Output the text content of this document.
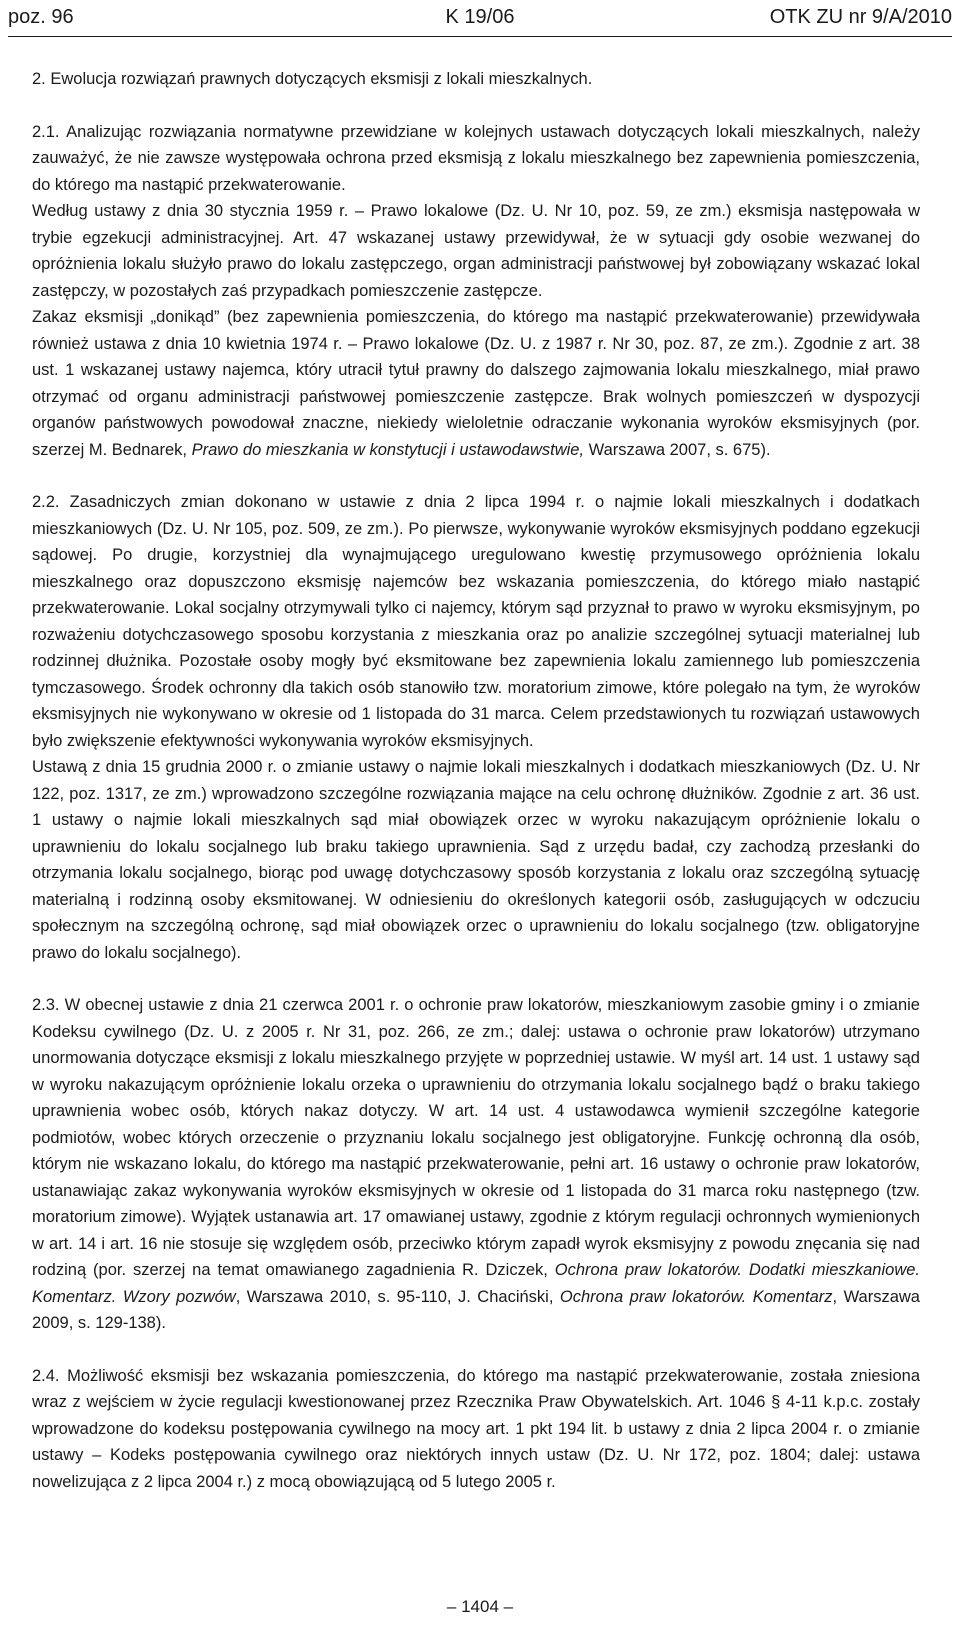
poz. 96	K 19/06	OTK ZU nr 9/A/2010

2. Ewolucja rozwiązań prawnych dotyczących eksmisji z lokali mieszkalnych.

2.1. Analizując rozwiązania normatywne przewidziane w kolejnych ustawach dotyczących lokali mieszkalnych, należy zauważyć, że nie zawsze występowała ochrona przed eksmisją z lokalu mieszkalnego bez zapewnienia pomieszczenia, do którego ma nastąpić przekwaterowanie.

Według ustawy z dnia 30 stycznia 1959 r. – Prawo lokalowe (Dz. U. Nr 10, poz. 59, ze zm.) eksmisja następowała w trybie egzekucji administracyjnej. Art. 47 wskazanej ustawy przewidywał, że w sytuacji gdy osobie wezwanej do opróżnienia lokalu służyło prawo do lokalu zastępczego, organ administracji państwowej był zobowiązany wskazać lokal zastępczy, w pozostałych zaś przypadkach pomieszczenie zastępcze.

Zakaz eksmisji „donikąd” (bez zapewnienia pomieszczenia, do którego ma nastąpić przekwaterowanie) przewidywała również ustawa z dnia 10 kwietnia 1974 r. – Prawo lokalowe (Dz. U. z 1987 r. Nr 30, poz. 87, ze zm.). Zgodnie z art. 38 ust. 1 wskazanej ustawy najemca, który utracił tytuł prawny do dalszego zajmowania lokalu mieszkalnego, miał prawo otrzymać od organu administracji państwowej pomieszczenie zastępcze. Brak wolnych pomieszczeń w dyspozycji organów państwowych powodował znaczne, niekiedy wieloletnie odraczanie wykonania wyroków eksmisyjnych (por. szerzej M. Bednarek, Prawo do mieszkania w konstytucji i ustawodawstwie, Warszawa 2007, s. 675).

2.2. Zasadniczych zmian dokonano w ustawie z dnia 2 lipca 1994 r. o najmie lokali mieszkalnych i dodatkach mieszkaniowych (Dz. U. Nr 105, poz. 509, ze zm.). Po pierwsze, wykonywanie wyroków eksmisyjnych poddano egzekucji sądowej. Po drugie, korzystniej dla wynajmującego uregulowano kwestię przymusowego opróżnienia lokalu mieszkalnego oraz dopuszczono eksmisję najemców bez wskazania pomieszczenia, do którego miało nastąpić przekwaterowanie. Lokal socjalny otrzymywali tylko ci najemcy, którym sąd przyznał to prawo w wyroku eksmisyjnym, po rozważeniu dotychczasowego sposobu korzystania z mieszkania oraz po analizie szczególnej sytuacji materialnej lub rodzinnej dłużnika. Pozostałe osoby mogły być eksmitowane bez zapewnienia lokalu zamiennego lub pomieszczenia tymczasowego. Środek ochronny dla takich osób stanowiło tzw. moratorium zimowe, które polegało na tym, że wyroków eksmisyjnych nie wykonywano w okresie od 1 listopada do 31 marca. Celem przedstawionych tu rozwiązań ustawowych było zwiększenie efektywności wykonywania wyroków eksmisyjnych.

Ustawą z dnia 15 grudnia 2000 r. o zmianie ustawy o najmie lokali mieszkalnych i dodatkach mieszkaniowych (Dz. U. Nr 122, poz. 1317, ze zm.) wprowadzono szczególne rozwiązania mające na celu ochronę dłużników. Zgodnie z art. 36 ust. 1 ustawy o najmie lokali mieszkalnych sąd miał obowiązek orzec w wyroku nakazującym opróżnienie lokalu o uprawnieniu do lokalu socjalnego lub braku takiego uprawnienia. Sąd z urzędu badał, czy zachodzą przesłanki do otrzymania lokalu socjalnego, biorąc pod uwagę dotychczasowy sposób korzystania z lokalu oraz szczególną sytuację materialną i rodzinną osoby eksmitowanej. W odniesieniu do określonych kategorii osób, zasługujących w odczuciu społecznym na szczególną ochronę, sąd miał obowiązek orzec o uprawnieniu do lokalu socjalnego (tzw. obligatoryjne prawo do lokalu socjalnego).

2.3. W obecnej ustawie z dnia 21 czerwca 2001 r. o ochronie praw lokatorów, mieszkaniowym zasobie gminy i o zmianie Kodeksu cywilnego (Dz. U. z 2005 r. Nr 31, poz. 266, ze zm.; dalej: ustawa o ochronie praw lokatorów) utrzymano unormowania dotyczące eksmisji z lokalu mieszkalnego przyjęte w poprzedniej ustawie. W myśl art. 14 ust. 1 ustawy sąd w wyroku nakazującym opróżnienie lokalu orzeka o uprawnieniu do otrzymania lokalu socjalnego bądź o braku takiego uprawnienia wobec osób, których nakaz dotyczy. W art. 14 ust. 4 ustawodawca wymienił szczególne kategorie podmiotów, wobec których orzeczenie o przyznaniu lokalu socjalnego jest obligatoryjne. Funkcję ochronną dla osób, którym nie wskazano lokalu, do którego ma nastąpić przekwaterowanie, pełni art. 16 ustawy o ochronie praw lokatorów, ustanawiając zakaz wykonywania wyroków eksmisyjnych w okresie od 1 listopada do 31 marca roku następnego (tzw. moratorium zimowe). Wyjątek ustanawia art. 17 omawianej ustawy, zgodnie z którym regulacji ochronnych wymienionych w art. 14 i art. 16 nie stosuje się względem osób, przeciwko którym zapadł wyrok eksmisyjny z powodu znęcania się nad rodziną (por. szerzej na temat omawianego zagadnienia R. Dziczek, Ochrona praw lokatorów. Dodatki mieszkaniowe. Komentarz. Wzory pozwów, Warszawa 2010, s. 95-110, J. Chaciński, Ochrona praw lokatorów. Komentarz, Warszawa 2009, s. 129-138).

2.4. Możliwość eksmisji bez wskazania pomieszczenia, do którego ma nastąpić przekwaterowanie, została zniesiona wraz z wejściem w życie regulacji kwestionowanej przez Rzecznika Praw Obywatelskich. Art. 1046 § 4-11 k.p.c. zostały wprowadzone do kodeksu postępowania cywilnego na mocy art. 1 pkt 194 lit. b ustawy z dnia 2 lipca 2004 r. o zmianie ustawy – Kodeks postępowania cywilnego oraz niektórych innych ustaw (Dz. U. Nr 172, poz. 1804; dalej: ustawa nowelizująca z 2 lipca 2004 r.) z mocą obowiązującą od 5 lutego 2005 r.

– 1404 –
